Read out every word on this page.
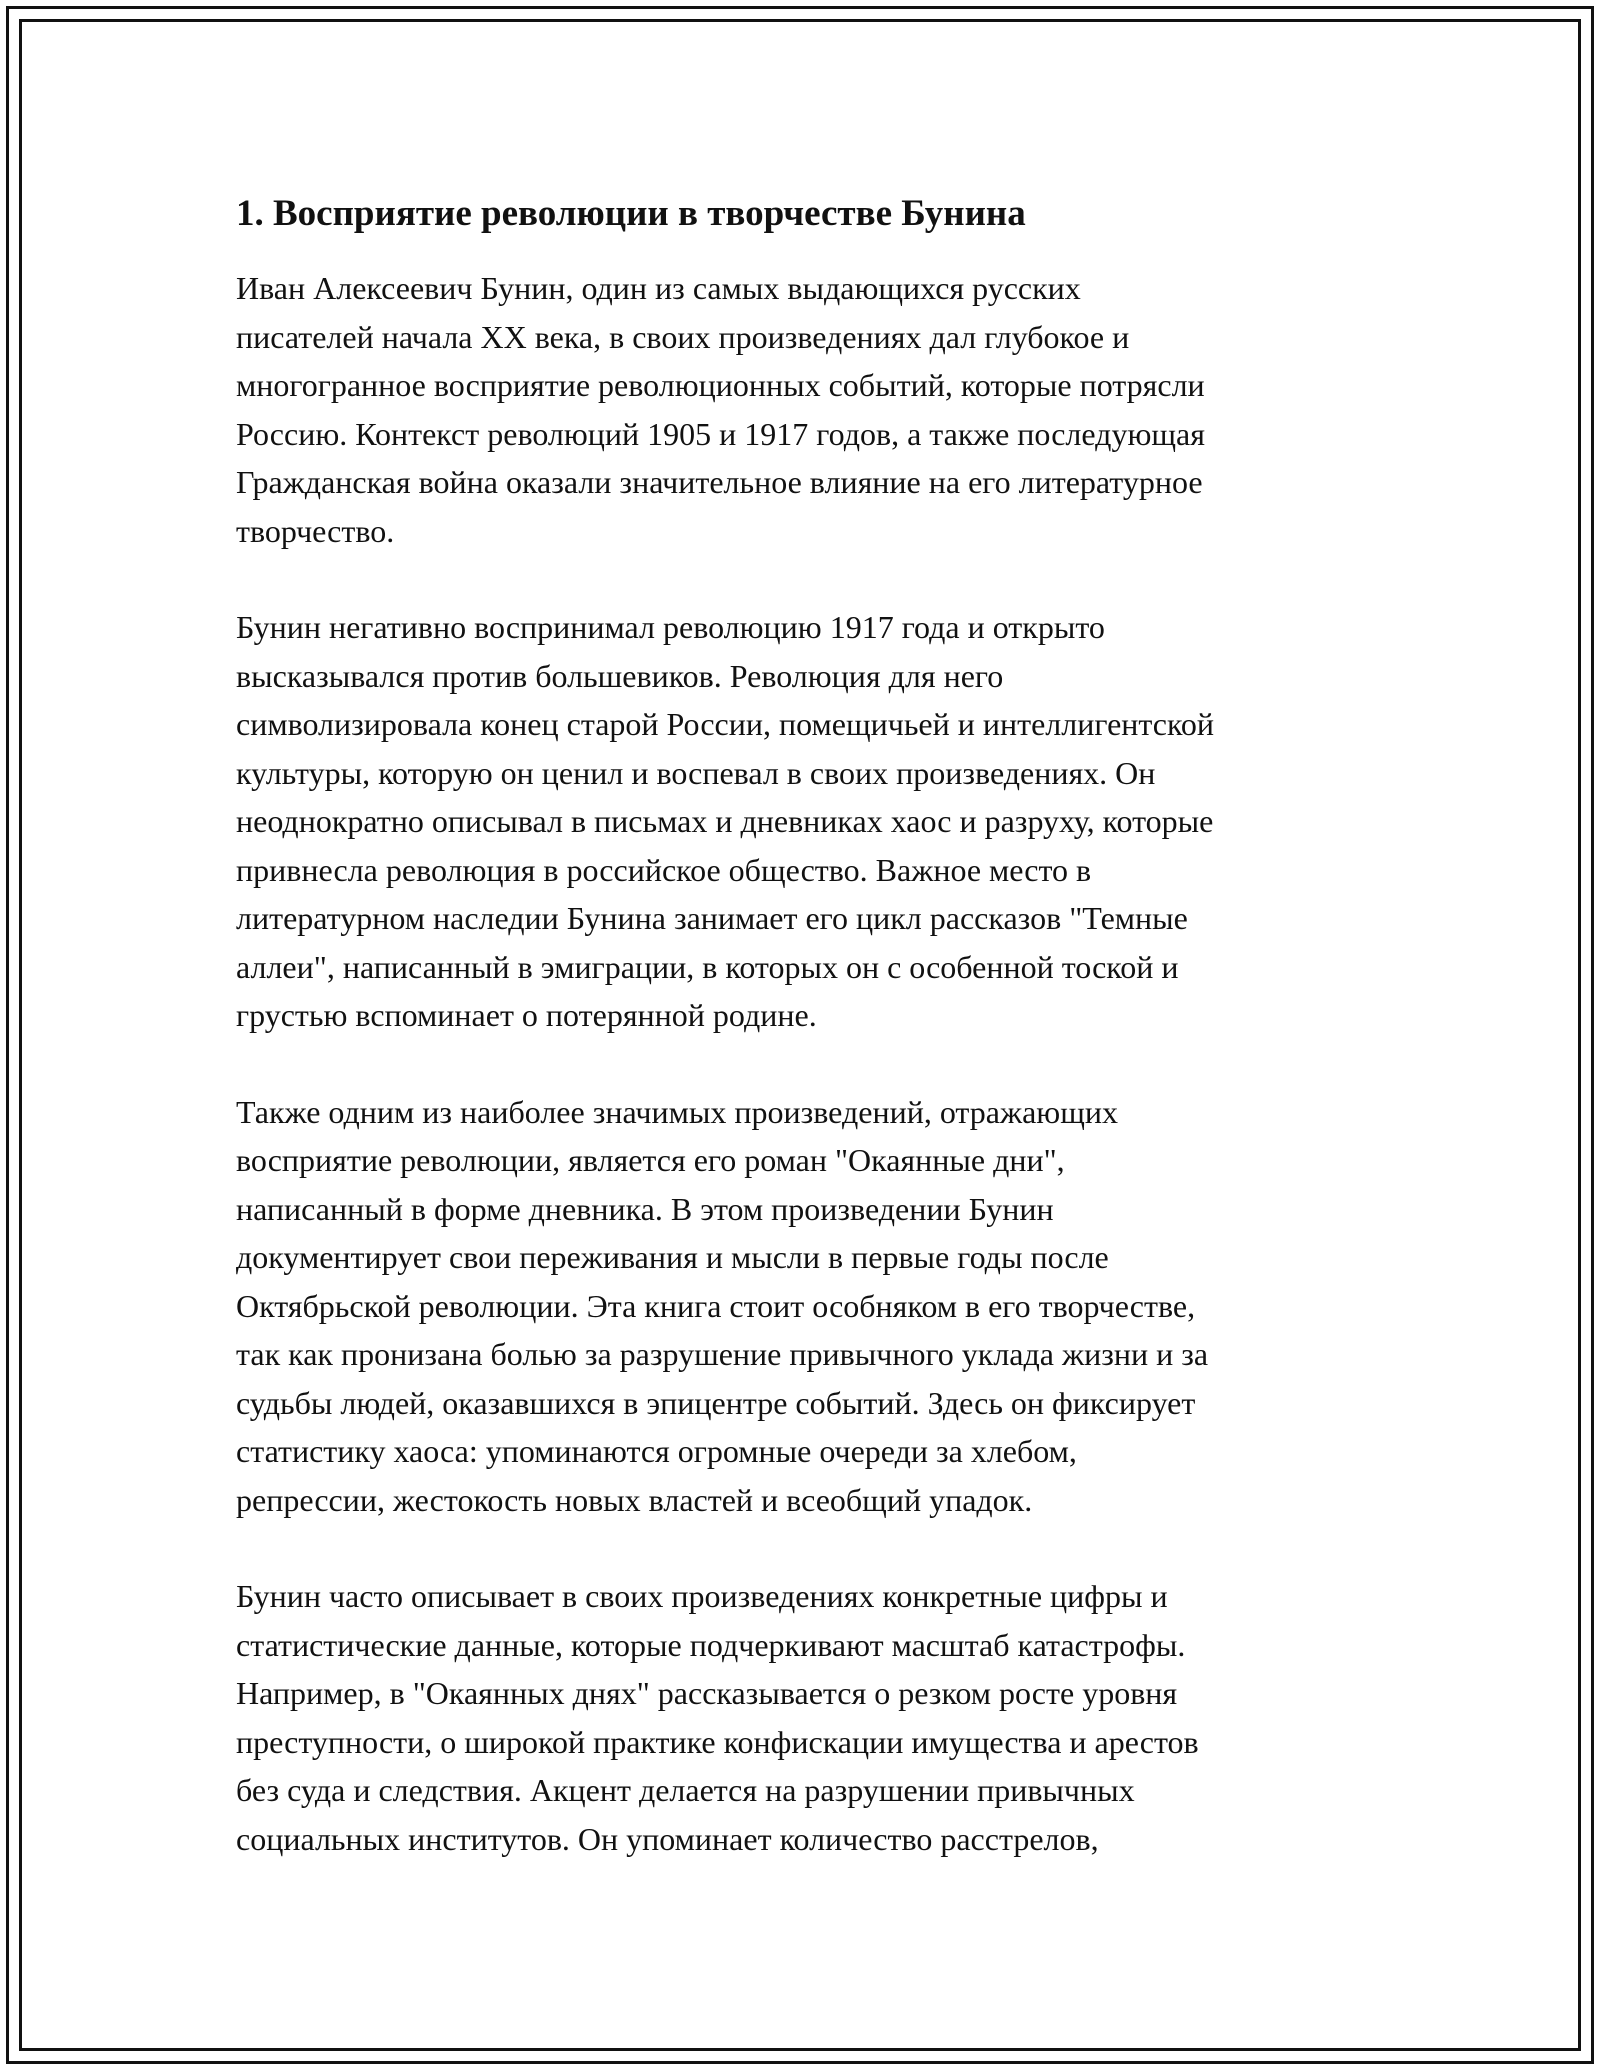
1. Восприятие революции в творчестве Бунина

Иван Алексеевич Бунин, один из самых выдающихся русских
писателей начала XX века, в своих произведениях дал глубокое и
многогранное восприятие революционных событий, которые потрясли
Россию. Контекст революций 1905 и 1917 годов, а также последующая
Гражданская война оказали значительное влияние на его литературное
творчество.

Бунин негативно воспринимал революцию 1917 года и открыто
высказывался против большевиков. Революция для него
символизировала конец старой России, помещичьей и интеллигентской
культуры, которую он ценил и воспевал в своих произведениях. Он
неоднократно описывал в письмах и дневниках хаос и разруху, которые
привнесла революция в российское общество. Важное место в
литературном наследии Бунина занимает его цикл рассказов "Темные
аллеи", написанный в эмиграции, в которых он с особенной тоской и
грустью вспоминает о потерянной родине.

Также одним из наиболее значимых произведений, отражающих
восприятие революции, является его роман "Окаянные дни",
написанный в форме дневника. В этом произведении Бунин
документирует свои переживания и мысли в первые годы после
Октябрьской революции. Эта книга стоит особняком в его творчестве,
так как пронизана болью за разрушение привычного уклада жизни и за
судьбы людей, оказавшихся в эпицентре событий. Здесь он фиксирует
статистику хаоса: упоминаются огромные очереди за хлебом,
репрессии, жестокость новых властей и всеобщий упадок.

Бунин часто описывает в своих произведениях конкретные цифры и
статистические данные, которые подчеркивают масштаб катастрофы.
Например, в "Окаянных днях" рассказывается о резком росте уровня
преступности, о широкой практике конфискации имущества и арестов
без суда и следствия. Акцент делается на разрушении привычных
социальных институтов. Он упоминает количество расстрелов,
